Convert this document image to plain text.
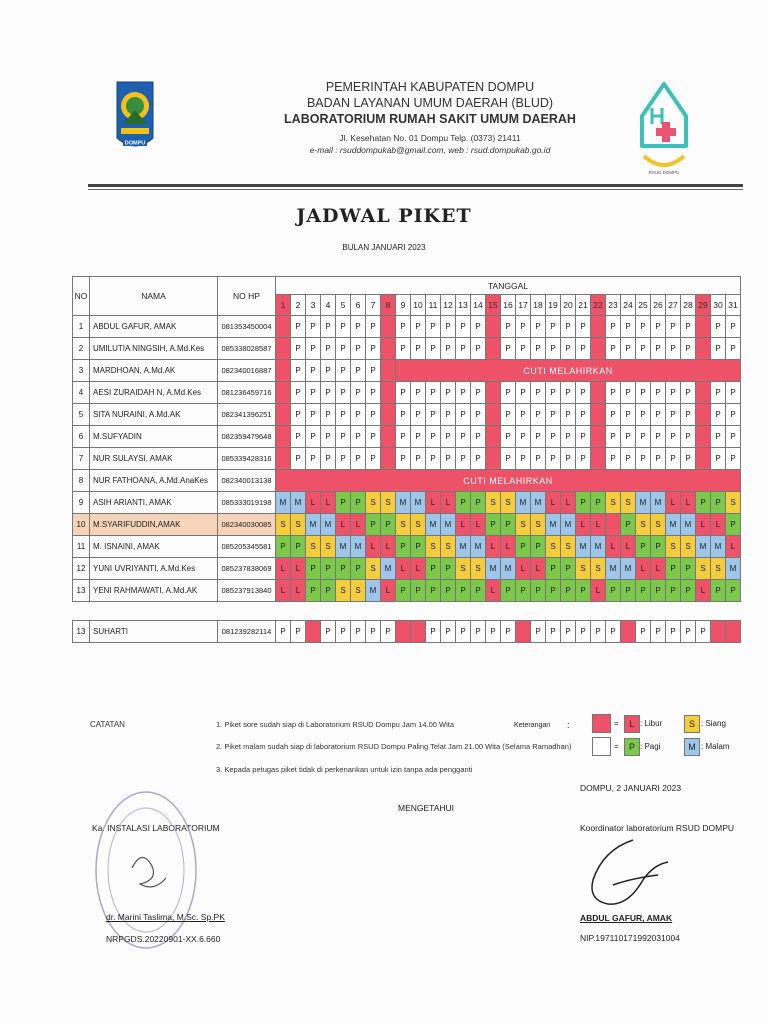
DOMPU
RSUD DOMPU
PEMERINTAH KABUPATEN DOMPU
BADAN LAYANAN UMUM DAERAH (BLUD)
LABORATORIUM RUMAH SAKIT UMUM DAERAH
Jl. Kesehatan No. 01 Dompu Telp. (0373) 21411
e-mail : rsuddompukab@gmail.com, web : rsud.dompukab.go.id
JADWAL PIKET
BULAN JANUARI 2023
NO	NAMA	NO HP	TANGGAL																														
			1	2	3	4	5	6	7	8	9	10	11	12	13	14	15	16	17	18	19	20	21	22	23	24	25	26	27	28	29	30	31
1	ABDUL GAFUR, AMAK	081353450004		P	P	P	P	P	P		P	P	P	P	P	P		P	P	P	P	P	P		P	P	P	P	P	P		P	P
2	UMILUTIA NINGSIH, A.Md.Kes	085338028587		P	P	P	P	P	P		P	P	P	P	P	P		P	P	P	P	P	P		P	P	P	P	P	P		P	P
3	MARDHOAN, A.Md.AK	082340016887		P	P	P	P	P	P		CUTI MELAHIRKAN																						
4	AESI ZURAIDAH N, A.Md.Kes	081236459716		P	P	P	P	P	P		P	P	P	P	P	P		P	P	P	P	P	P		P	P	P	P	P	P		P	P
5	SITA NURAINI, A.Md.AK	082341396251		P	P	P	P	P	P		P	P	P	P	P	P		P	P	P	P	P	P		P	P	P	P	P	P		P	P
6	M.SUFYADIN	082359479648		P	P	P	P	P	P		P	P	P	P	P	P		P	P	P	P	P	P		P	P	P	P	P	P		P	P
7	NUR SULAYSI, AMAK	085339428316		P	P	P	P	P	P		P	P	P	P	P	P		P	P	P	P	P	P		P	P	P	P	P	P		P	P
8	NUR FATHOANA, A.Md.AnaKes	082340013138	CUTI MELAHIRKAN																														
9	ASIH ARIANTI, AMAK	085333019198	M	M	L	L	P	P	S	S	M	M	L	L	P	P	S	S	M	M	L	L	P	P	S	S	M	M	L	L	P	P	S
10	M.SYARIFUDDIN,AMAK	082340030085	S	S	M	M	L	L	P	P	S	S	M	M	L	L	P	P	S	S	M	M	L	L		P	S	S	M	M	L	L	P
11	M. ISNAINI, AMAK	085205345581	P	P	S	S	M	M	L	L	P	P	S	S	M	M	L	L	P	P	S	S	M	M	L	L	P	P	S	S	M	M	L
12	YUNI UVRIYANTI, A.Md.Kes	085237838069	L	L	P	P	P	P	S	M	L	L	P	P	S	S	M	M	L	L	P	P	S	S	M	M	L	L	P	P	S	S	M
13	YENI RAHMAWATI, A.Md.AK	085237913840	L	L	P	P	S	S	M	L	P	P	P	P	P	P	L	P	P	P	P	P	P	L	P	P	P	P	P	P	L	P	P

13	SUHARTI	081239282114	P	P		P	P	P	P	P			P	P	P	P	P	P		P	P	P	P	P	P		P	P	P	P	P		
CATATAN	1. Piket sore sudah siap di Laboratorium RSUD Dompu Jam 14.00 Wita
2. Piket malam sudah siap di laboratorium RSUD Dompu Paling Telat Jam 21.00 Wita (Selama Ramadhan)
3. Kepada petugas piket tidak di perkenankan untuk izin tanpa ada pengganti
Keterangan :	=	L : Libur	S : Siang
=	P : Pagi	M : Malam
DOMPU, 2 JANUARI 2023
MENGETAHUI
Ka. INSTALASI LABORATORIUM	Koordinator laboratorium RSUD DOMPU
dr. Marini Taslima, M.Sc. Sp.PK
NRPGDS.20220901-XX.6.660
ABDUL GAFUR, AMAK
NIP.197110171992031004
